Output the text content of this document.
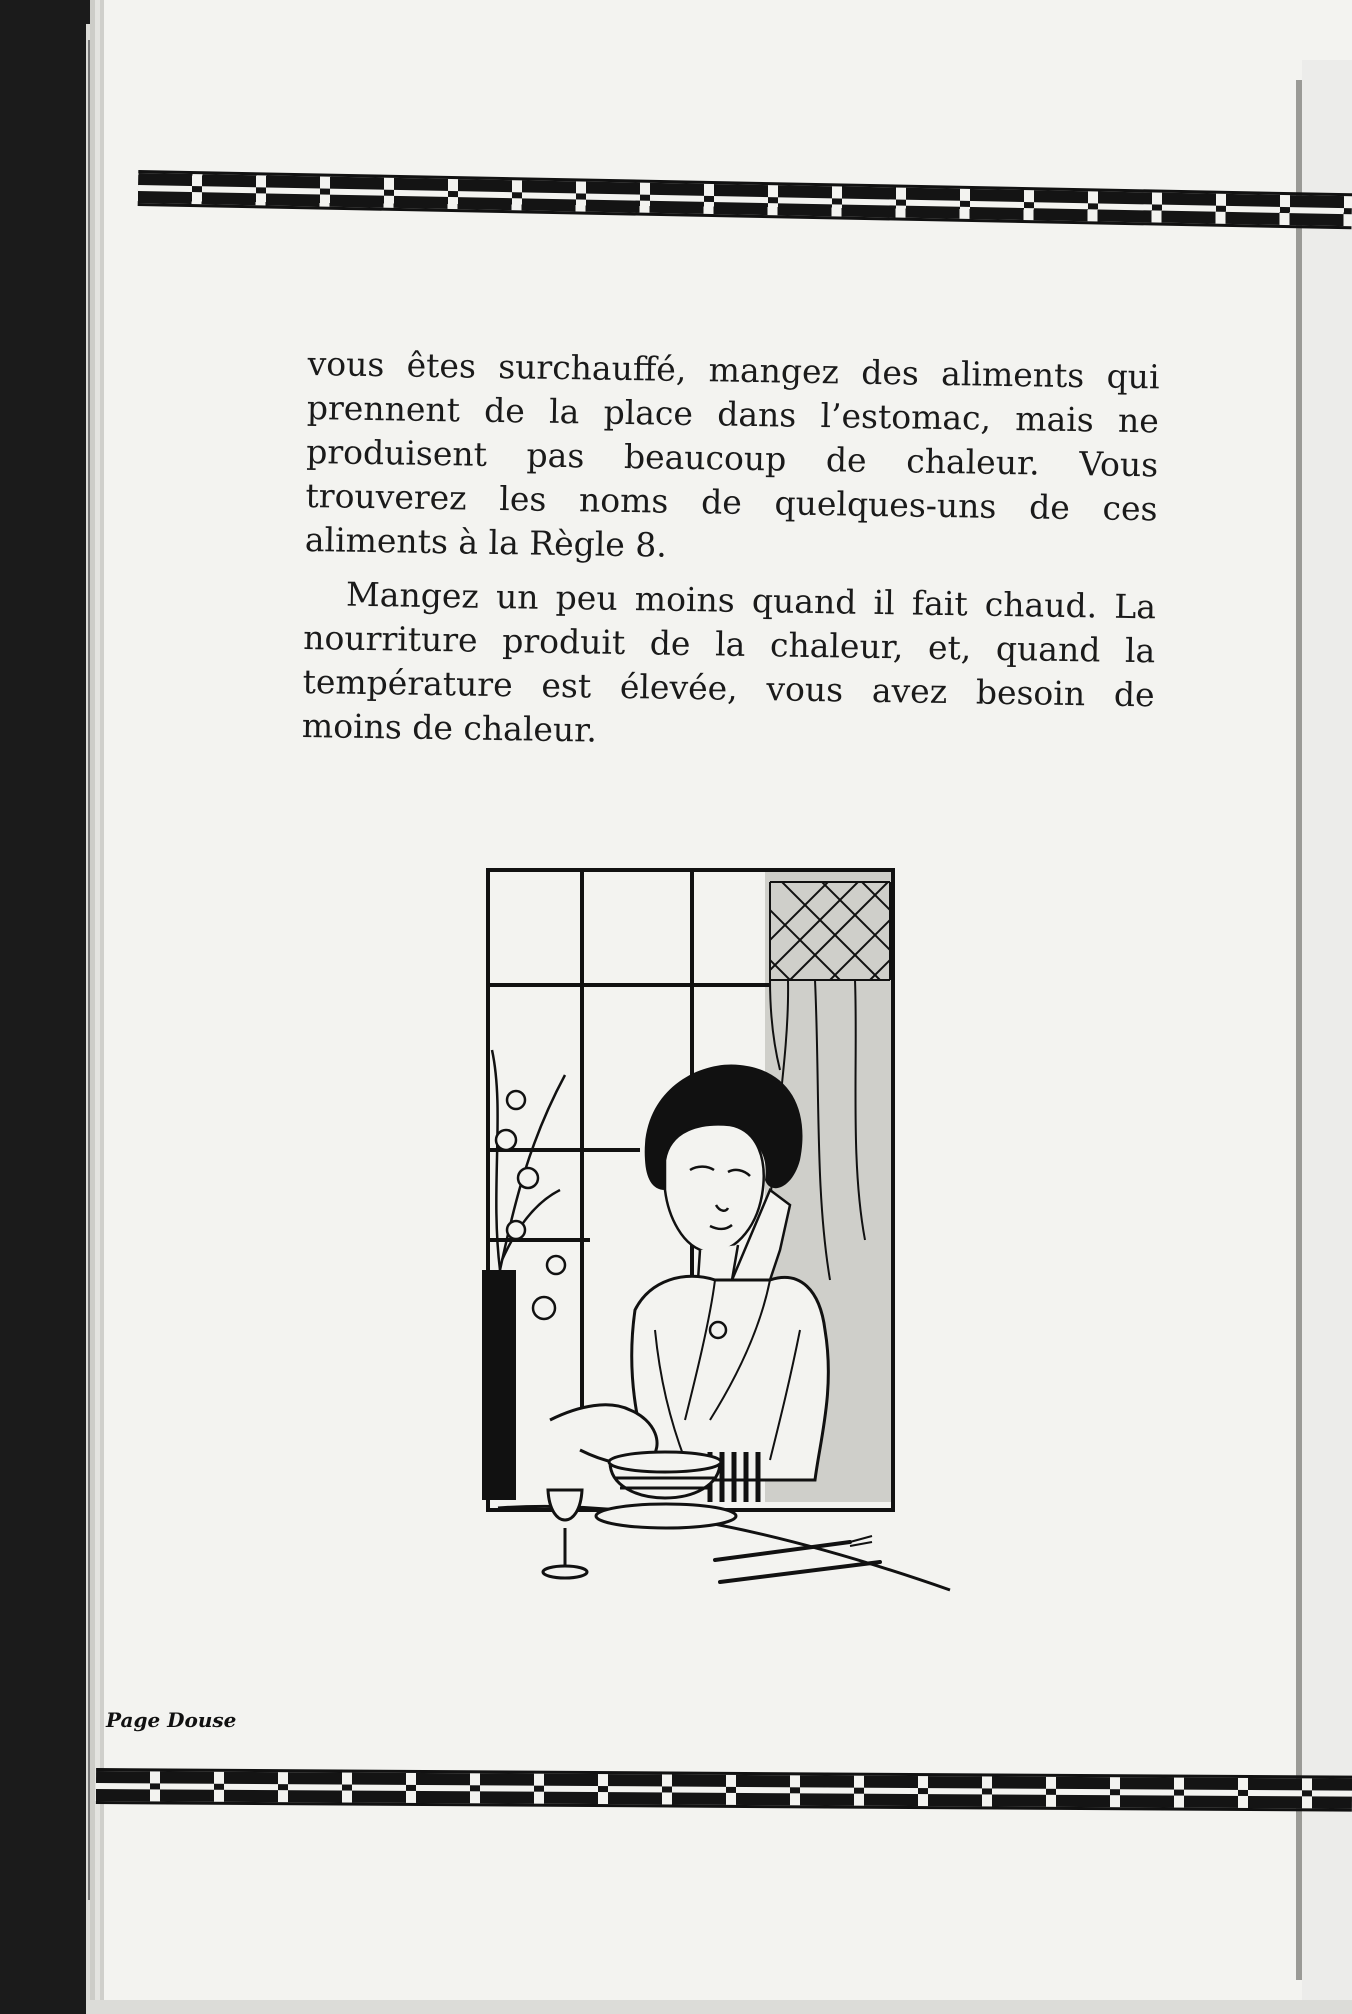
vous êtes surchauffé, mangez des aliments qui prennent de la place dans l’estomac, mais ne produisent pas beaucoup de chaleur. Vous trouverez les noms de quelques-uns de ces aliments à la Règle 8.

Mangez un peu moins quand il fait chaud. La nourriture produit de la chaleur, et, quand la température est élevée, vous avez besoin de moins de chaleur.

Page Douse
